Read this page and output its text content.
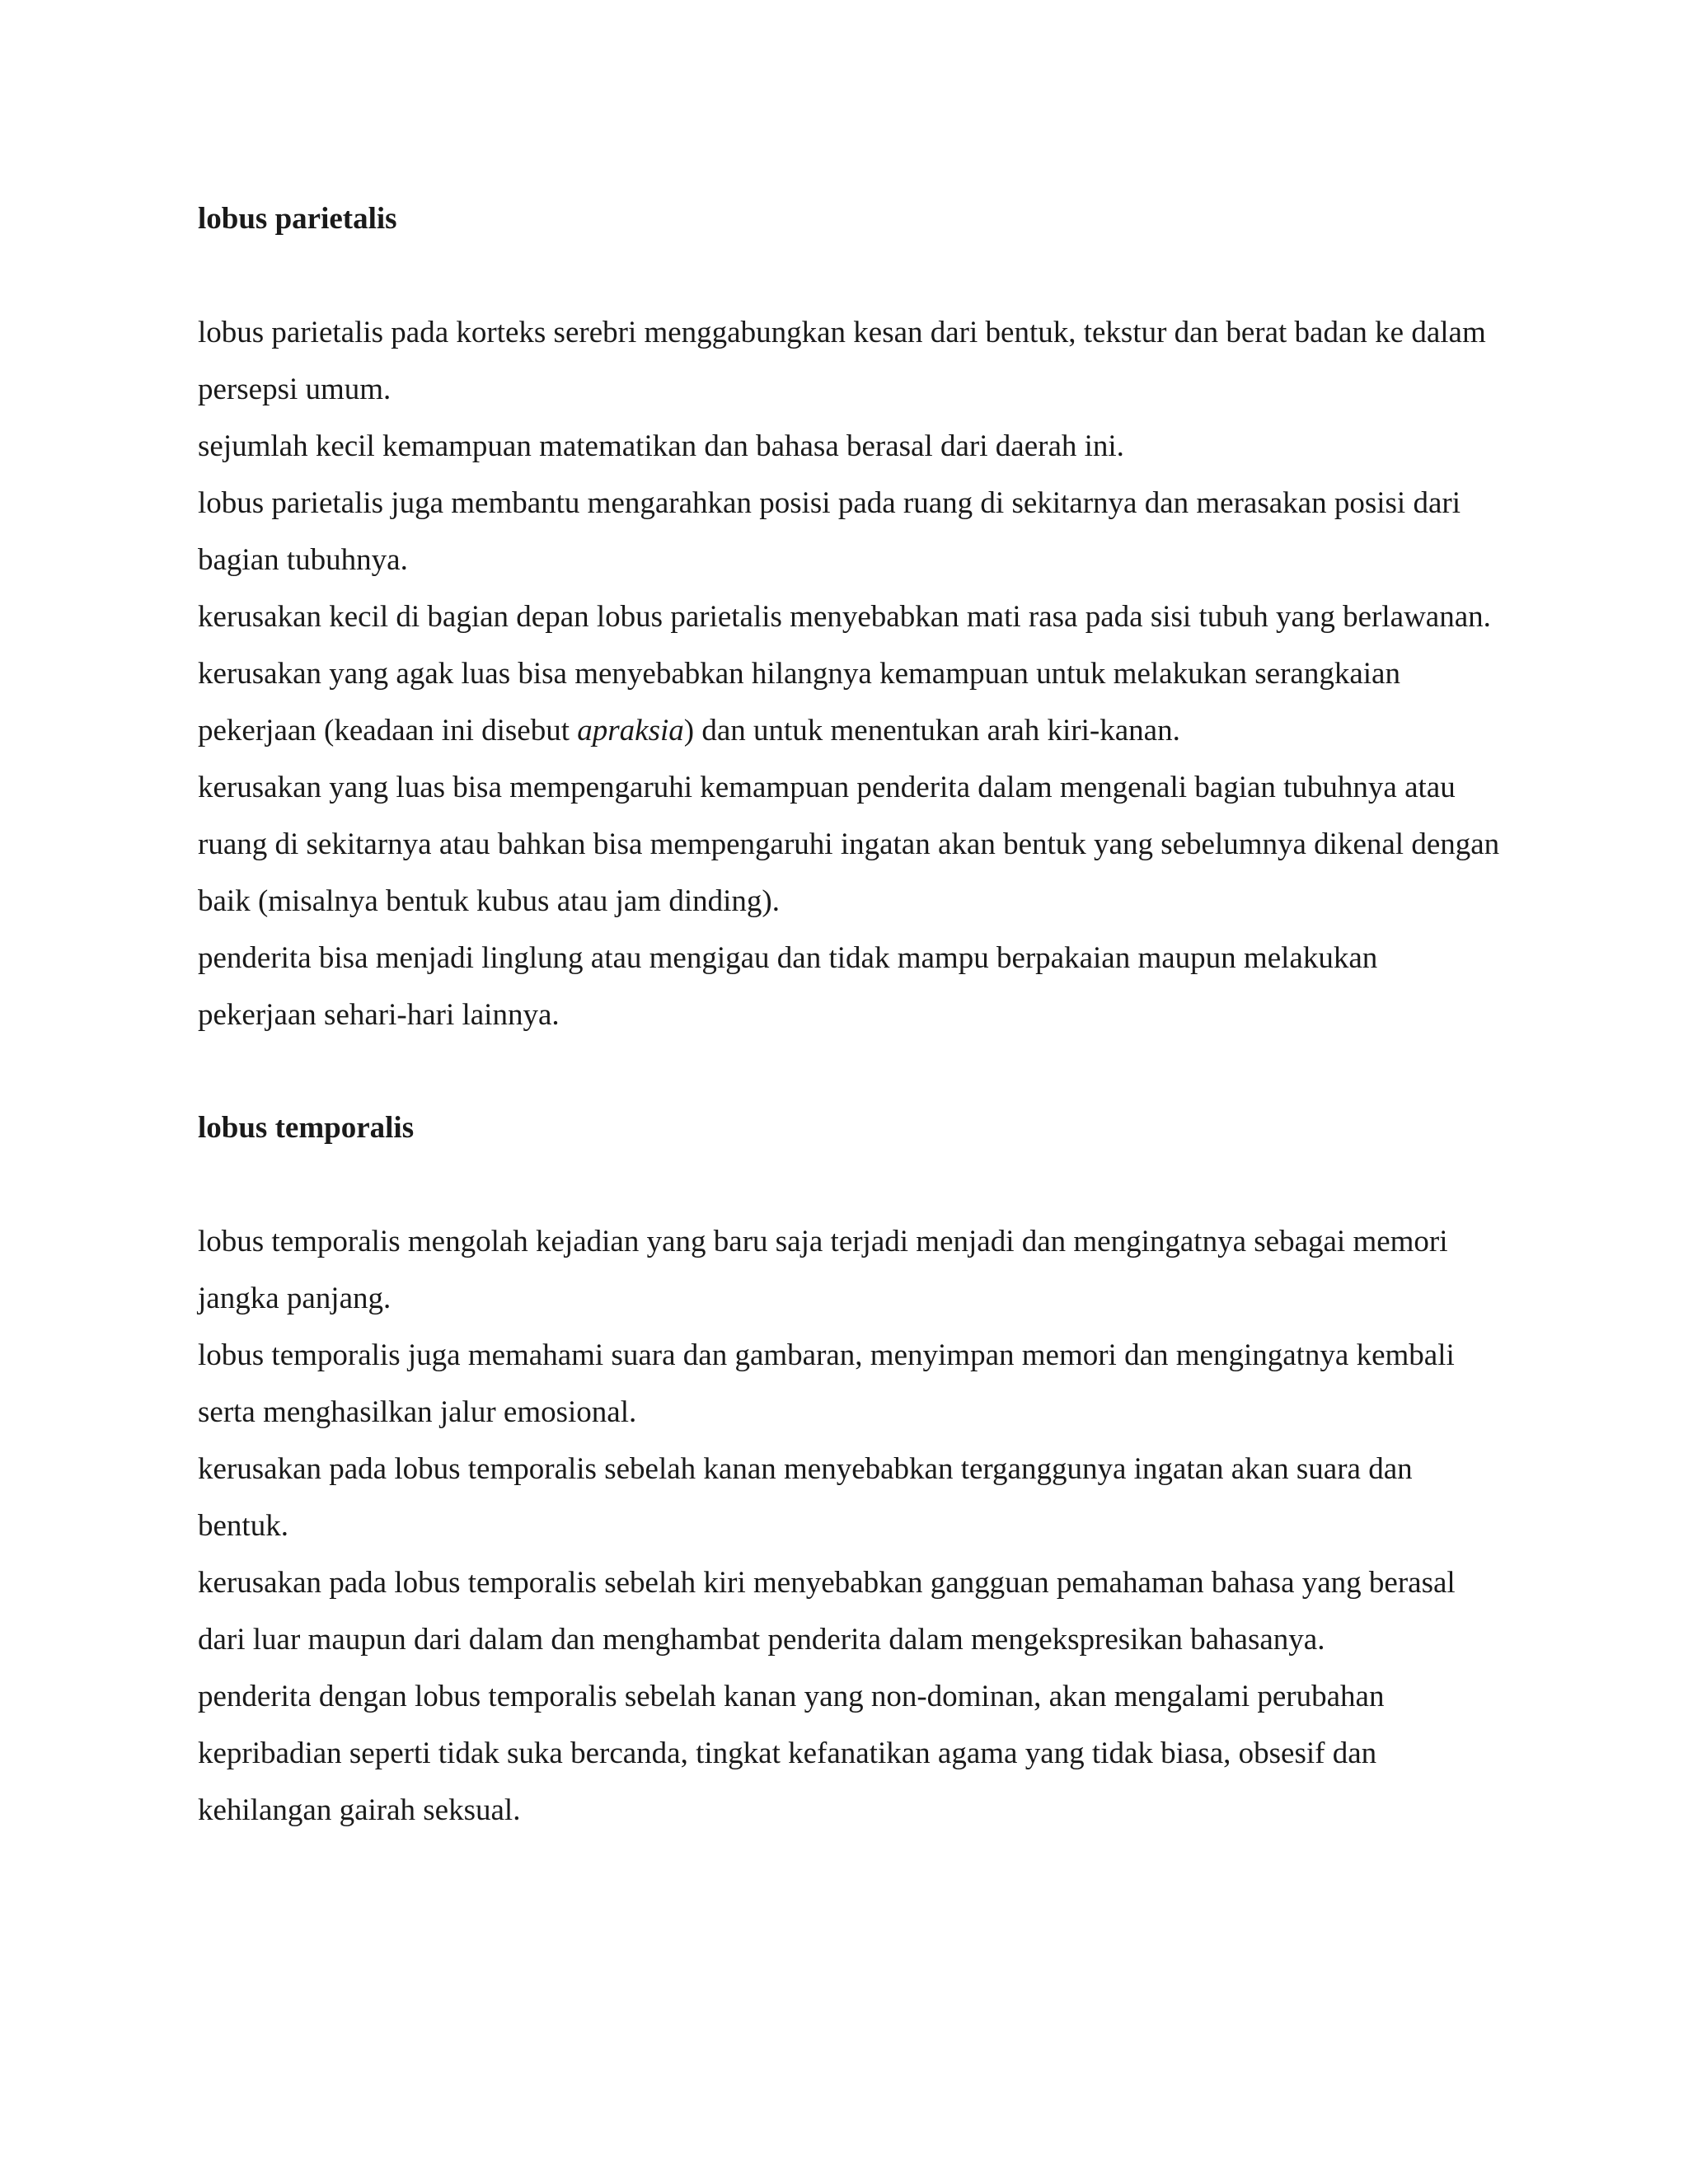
lobus parietalis

lobus parietalis pada korteks serebri menggabungkan kesan dari bentuk, tekstur dan berat badan ke dalam persepsi umum.

sejumlah kecil kemampuan matematikan dan bahasa berasal dari daerah ini.

lobus parietalis juga membantu mengarahkan posisi pada ruang di sekitarnya dan merasakan posisi dari bagian tubuhnya.

kerusakan kecil di bagian depan lobus parietalis menyebabkan mati rasa pada sisi tubuh yang berlawanan.

kerusakan yang agak luas bisa menyebabkan hilangnya kemampuan untuk melakukan serangkaian pekerjaan (keadaan ini disebut apraksia) dan untuk menentukan arah kiri-kanan.

kerusakan yang luas bisa mempengaruhi kemampuan penderita dalam mengenali bagian tubuhnya atau ruang di sekitarnya atau bahkan bisa mempengaruhi ingatan akan bentuk yang sebelumnya dikenal dengan baik (misalnya bentuk kubus atau jam dinding).

penderita bisa menjadi linglung atau mengigau dan tidak mampu berpakaian maupun melakukan pekerjaan sehari-hari lainnya.

lobus temporalis

lobus temporalis mengolah kejadian yang baru saja terjadi menjadi dan mengingatnya sebagai memori jangka panjang.

lobus temporalis juga memahami suara dan gambaran, menyimpan memori dan mengingatnya kembali serta menghasilkan jalur emosional.

kerusakan pada lobus temporalis sebelah kanan menyebabkan terganggunya ingatan akan suara dan bentuk.

kerusakan pada lobus temporalis sebelah kiri menyebabkan gangguan pemahaman bahasa yang berasal dari luar maupun dari dalam dan menghambat penderita dalam mengekspresikan bahasanya.

penderita dengan lobus temporalis sebelah kanan yang non-dominan, akan mengalami perubahan kepribadian seperti tidak suka bercanda, tingkat kefanatikan agama yang tidak biasa, obsesif dan kehilangan gairah seksual.
